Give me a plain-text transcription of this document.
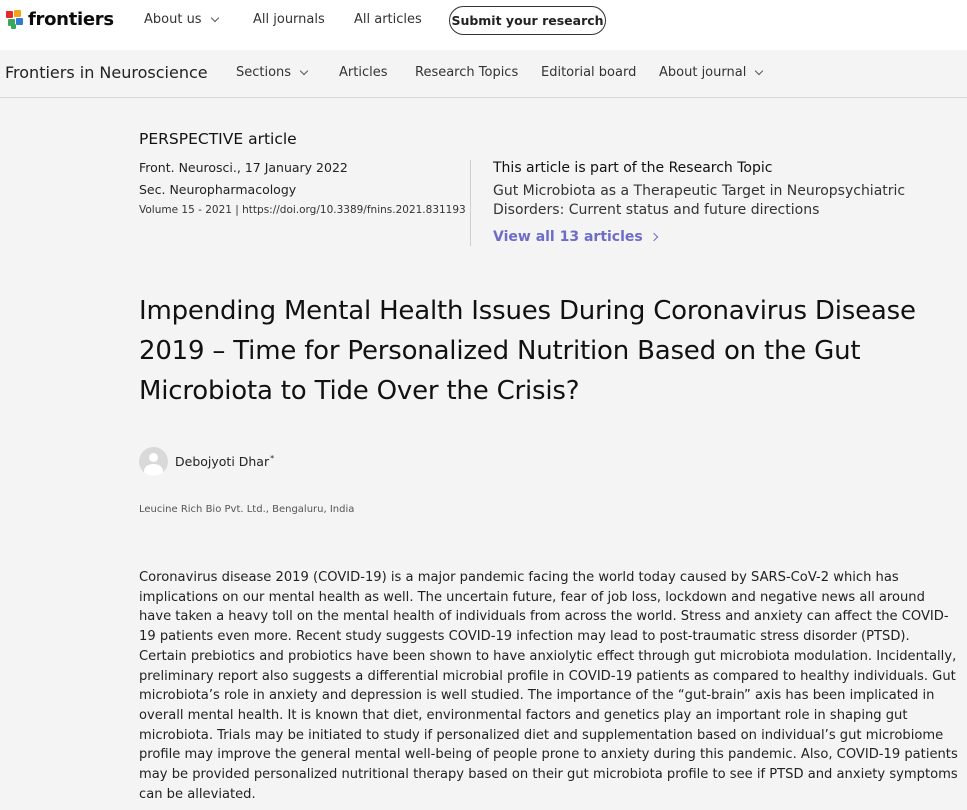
frontiers About us	All journals All articles Submit your research
Frontiers in Neuroscience Sections	Articles Research Topics Editorial board About journal
PERSPECTIVE article
Front. Neurosci., 17 January 2022
Sec. Neuropharmacology
Volume 15 - 2021 | https://doi.org/10.3389/fnins.2021.831193
This article is part of the Research Topic
Gut Microbiota as a Therapeutic Target in Neuropsychiatric Disorders: Current status and future directions
View all 13 articles
Impending Mental Health Issues During Coronavirus Disease 2019 – Time for Personalized Nutrition Based on the Gut Microbiota to Tide Over the Crisis?
Debojyoti Dhar*
Leucine Rich Bio Pvt. Ltd., Bengaluru, India

Coronavirus disease 2019 (COVID-19) is a major pandemic facing the world today caused by SARS-CoV-2 which has implications on our mental health as well. The uncertain future, fear of job loss, lockdown and negative news all around have taken a heavy toll on the mental health of individuals from across the world. Stress and anxiety can affect the COVID-19 patients even more. Recent study suggests COVID-19 infection may lead to post-traumatic stress disorder (PTSD). Certain prebiotics and probiotics have been shown to have anxiolytic effect through gut microbiota modulation. Incidentally, preliminary report also suggests a differential microbial profile in COVID-19 patients as compared to healthy individuals. Gut microbiota’s role in anxiety and depression is well studied. The importance of the “gut-brain” axis has been implicated in overall mental health. It is known that diet, environmental factors and genetics play an important role in shaping gut microbiota. Trials may be initiated to study if personalized diet and supplementation based on individual’s gut microbiome profile may improve the general mental well-being of people prone to anxiety during this pandemic. Also, COVID-19 patients may be provided personalized nutritional therapy based on their gut microbiota profile to see if PTSD and anxiety symptoms can be alleviated.
